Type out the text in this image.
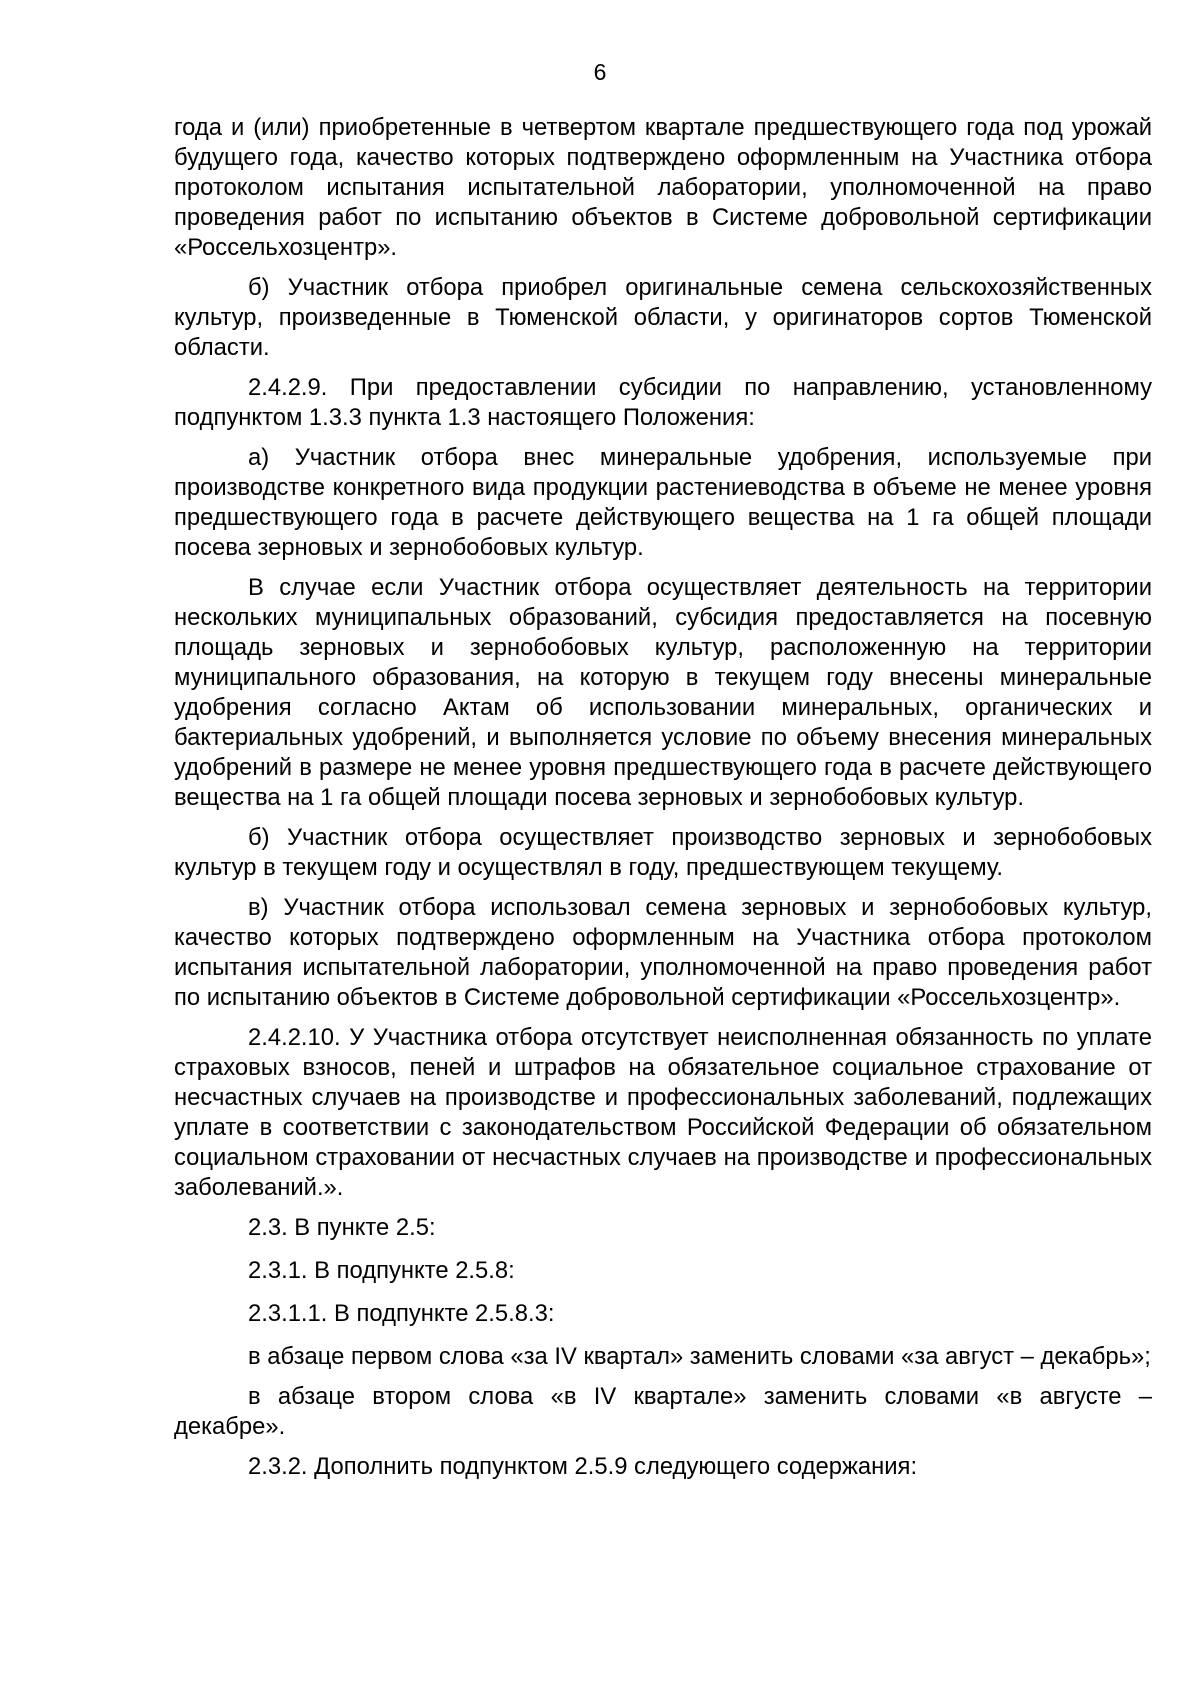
6

года и (или) приобретенные в четвертом квартале предшествующего года под урожай будущего года, качество которых подтверждено оформленным на Участника отбора протоколом испытания испытательной лаборатории, уполномоченной на право проведения работ по испытанию объектов в Системе добровольной сертификации «Россельхозцентр».

б) Участник отбора приобрел оригинальные семена сельскохозяйственных культур, произведенные в Тюменской области, у оригинаторов сортов Тюменской области.

2.4.2.9. При предоставлении субсидии по направлению, установленному подпунктом 1.3.3 пункта 1.3 настоящего Положения:

а) Участник отбора внес минеральные удобрения, используемые при производстве конкретного вида продукции растениеводства в объеме не менее уровня предшествующего года в расчете действующего вещества на 1 га общей площади посева зерновых и зернобобовых культур.

В случае если Участник отбора осуществляет деятельность на территории нескольких муниципальных образований, субсидия предоставляется на посевную площадь зерновых и зернобобовых культур, расположенную на территории муниципального образования, на которую в текущем году внесены минеральные удобрения согласно Актам об использовании минеральных, органических и бактериальных удобрений, и выполняется условие по объему внесения минеральных удобрений в размере не менее уровня предшествующего года в расчете действующего вещества на 1 га общей площади посева зерновых и зернобобовых культур.

б) Участник отбора осуществляет производство зерновых и зернобобовых культур в текущем году и осуществлял в году, предшествующем текущему.

в) Участник отбора использовал семена зерновых и зернобобовых культур, качество которых подтверждено оформленным на Участника отбора протоколом испытания испытательной лаборатории, уполномоченной на право проведения работ по испытанию объектов в Системе добровольной сертификации «Россельхозцентр».

2.4.2.10. У Участника отбора отсутствует неисполненная обязанность по уплате страховых взносов, пеней и штрафов на обязательное социальное страхование от несчастных случаев на производстве и профессиональных заболеваний, подлежащих уплате в соответствии с законодательством Российской Федерации об обязательном социальном страховании от несчастных случаев на производстве и профессиональных заболеваний.».

2.3. В пункте 2.5:

2.3.1. В подпункте 2.5.8:

2.3.1.1. В подпункте 2.5.8.3:

в абзаце первом слова «за IV квартал» заменить словами «за август – декабрь»;

в абзаце втором слова «в IV квартале» заменить словами «в августе – декабре».

2.3.2. Дополнить подпунктом 2.5.9 следующего содержания:
